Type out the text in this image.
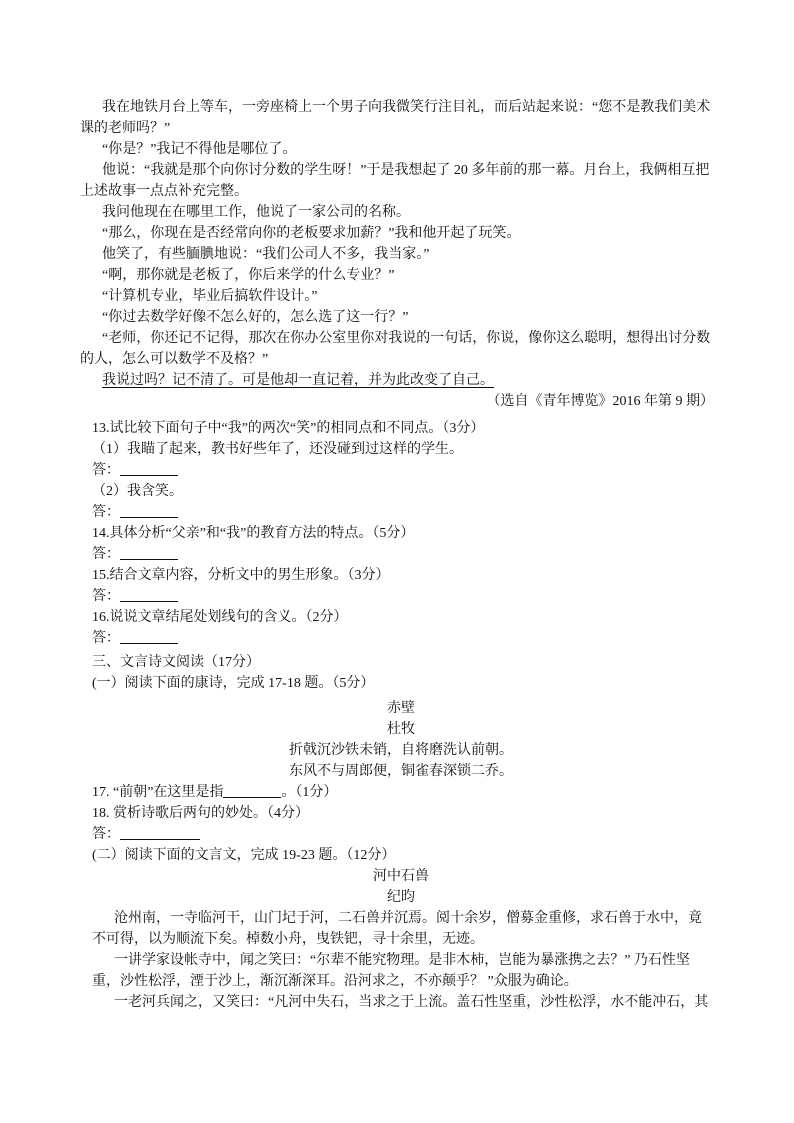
我在地铁月台上等车，一旁座椅上一个男子向我微笑行注目礼，而后站起来说：“您不是教我们美术课的老师吗？”

“你是？”我记不得他是哪位了。

他说：“我就是那个向你讨分数的学生呀！”于是我想起了 20 多年前的那一幕。月台上，我俩相互把上述故事一点点补充完整。

我问他现在在哪里工作，他说了一家公司的名称。

“那么，你现在是否经常向你的老板要求加薪？”我和他开起了玩笑。

他笑了，有些腼腆地说：“我们公司人不多，我当家。”

“啊，那你就是老板了，你后来学的什么专业？”

“计算机专业，毕业后搞软件设计。”

“你过去数学好像不怎么好的，怎么选了这一行？”

“老师，你还记不记得，那次在你办公室里你对我说的一句话，你说，像你这么聪明，想得出讨分数的人，怎么可以数学不及格？”

我说过吗？记不清了。可是他却一直记着，并为此改变了自己。

（选自《青年博览》2016 年第 9 期）

13.试比较下面句子中“我”的两次“笑”的相同点和不同点。（3分）

（1）我瞄了起来，教书好些年了，还没碰到过这样的学生。

答：

（2）我含笑。

答：

14.具体分析“父亲”和“我”的教育方法的特点。（5分）

答：

15.结合文章内容，分析文中的男生形象。（3分）

答：

16.说说文章结尾处划线句的含义。（2分）

答：

三、文言诗文阅读（17分）

(一）阅读下面的康诗，完成 17-18 题。（5分）

赤壁

杜牧

折戟沉沙铁未销，自将磨洗认前朝。

东风不与周郎便，铜雀春深锁二乔。

17. “前朝”在这里是指	。（1分）

18. 赏析诗歌后两句的妙处。（4分）

答：

(二）阅读下面的文言文，完成 19-23 题。（12分）

河中石兽

纪昀

沧州南，一寺临河干，山门圮于河，二石兽并沉焉。阅十余岁，僧募金重修，求石兽于水中，竟不可得，以为顺流下矣。棹数小舟，曳铁钯，寻十余里，无迹。

一讲学家设帐寺中，闻之笑曰：“尔辈不能究物理。是非木柿，岂能为暴涨携之去？” 乃石性坚重，沙性松浮，湮于沙上，渐沉渐深耳。沿河求之，不亦颠乎？ ”众服为确论。

一老河兵闻之，又笑曰：“凡河中失石，当求之于上流。盖石性坚重，沙性松浮，水不能冲石，其
